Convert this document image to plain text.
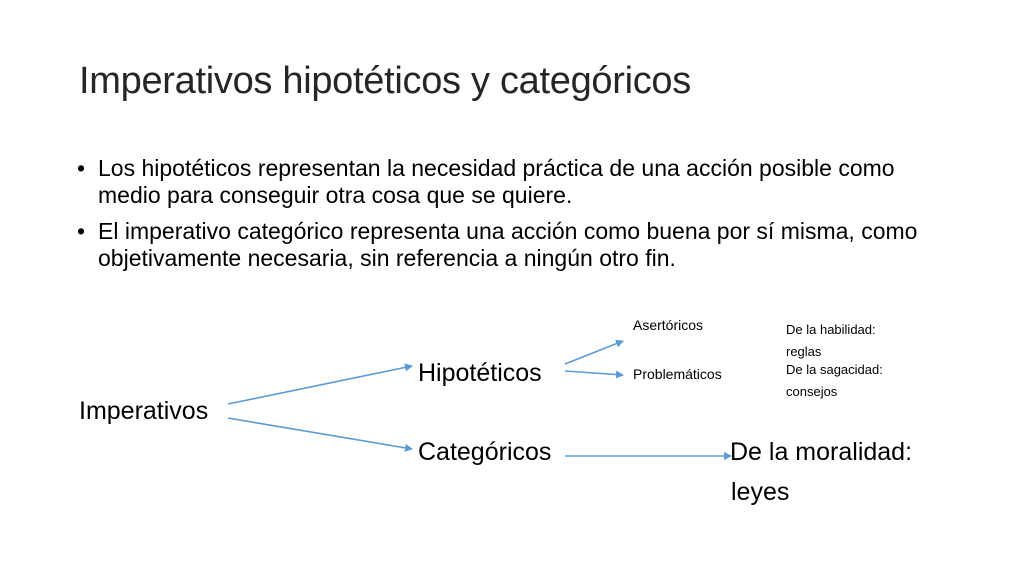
Imperativos hipotéticos y categóricos
• Los hipotéticos representan la necesidad práctica de una acción posible como medio para conseguir otra cosa que se quiere.
• El imperativo categórico representa una acción como buena por sí misma, como objetivamente necesaria, sin referencia a ningún otro fin.
Imperativos
Hipotéticos
Categóricos
Asertóricos
Problemáticos
De la habilidad:
reglas
De la sagacidad:
consejos
De la moralidad:
leyes
